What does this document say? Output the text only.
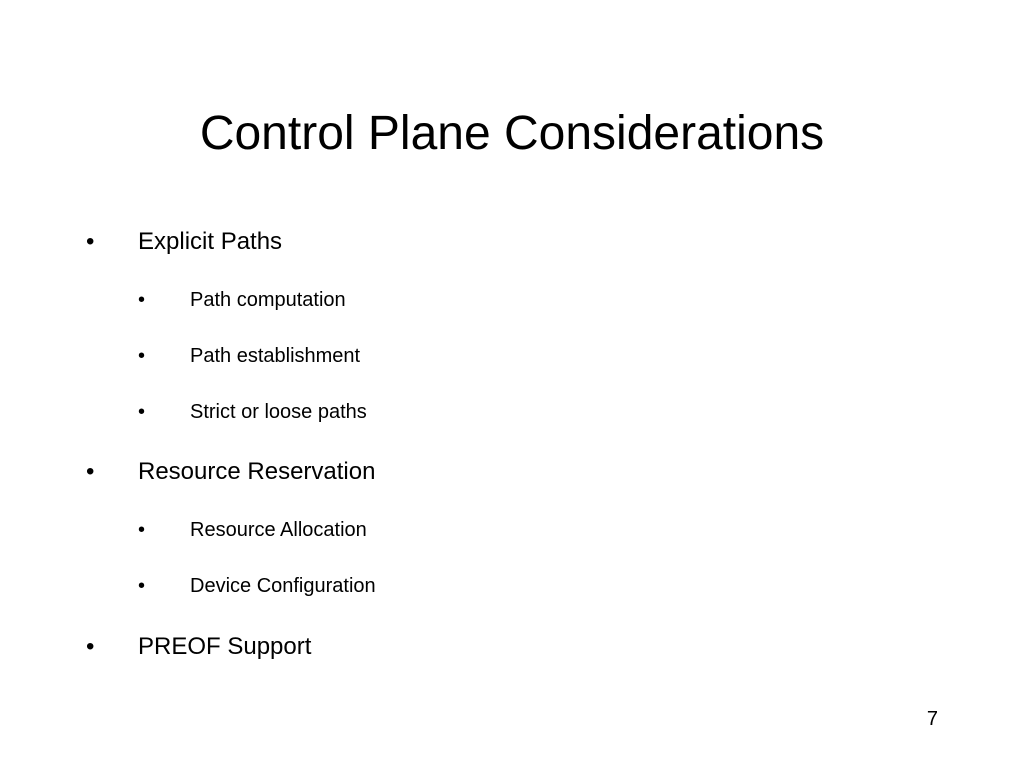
Control Plane Considerations
• Explicit Paths
• Path computation
• Path establishment
• Strict or loose paths
• Resource Reservation
• Resource Allocation
• Device Configuration
• PREOF Support
7
